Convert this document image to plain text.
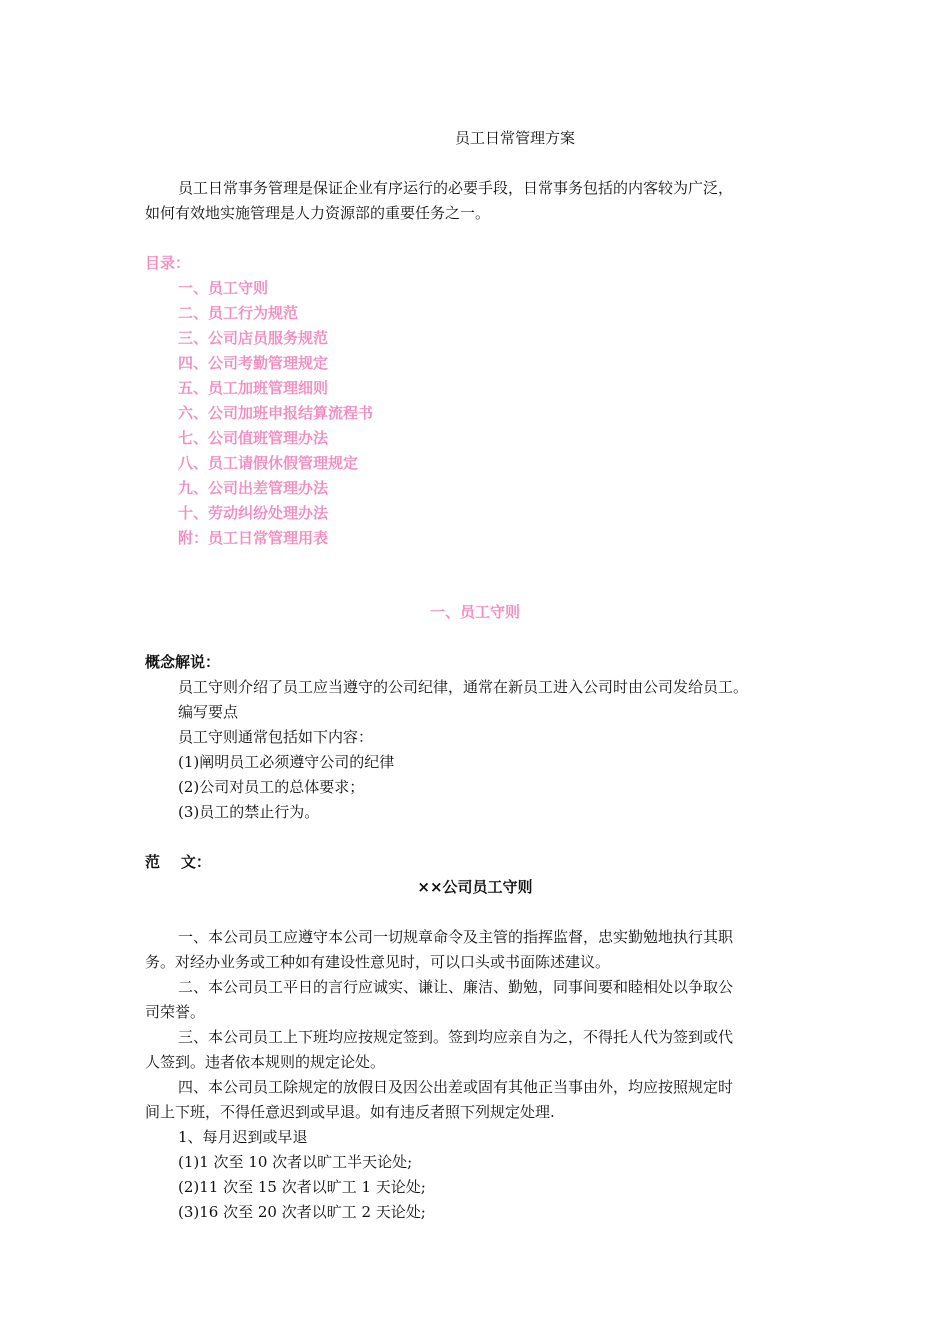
员工日常管理方案
员工日常事务管理是保证企业有序运行的必要手段，日常事务包括的内客较为广泛，
如何有效地实施管理是人力资源部的重要任务之一。
目录：
一、员工守则
二、员工行为规范
三、公司店员服务规范
四、公司考勤管理规定
五、员工加班管理细则
六、公司加班申报结算流程书
七、公司值班管理办法
八、员工请假休假管理规定
九、公司出差管理办法
十、劳动纠纷处理办法
附：员工日常管理用表
一、员工守则
概念解说：
员工守则介绍了员工应当遵守的公司纪律，通常在新员工进入公司时由公司发给员工。
编写要点
员工守则通常包括如下内容：
(1)阐明员工必须遵守公司的纪律
(2)公司对员工的总体要求；
(3)员工的禁止行为。
范    文：
××公司员工守则
一、本公司员工应遵守本公司一切规章命令及主管的指挥监督，忠实勤勉地执行其职
务。对经办业务或工种如有建设性意见时，可以口头或书面陈述建议。
二、本公司员工平日的言行应诚实、谦让、廉洁、勤勉，同事间要和睦相处以争取公
司荣誉。
三、本公司员工上下班均应按规定签到。签到均应亲自为之，不得托人代为签到或代
人签到。违者依本规则的规定论处。
四、本公司员工除规定的放假日及因公出差或固有其他正当事由外，均应按照规定时
间上下班，不得任意迟到或早退。如有违反者照下列规定处理.
1、每月迟到或早退
(1)1 次至 10 次者以旷工半天论处;
(2)11 次至 15 次者以旷工 1 天论处;
(3)16 次至 20 次者以旷工 2 天论处;
